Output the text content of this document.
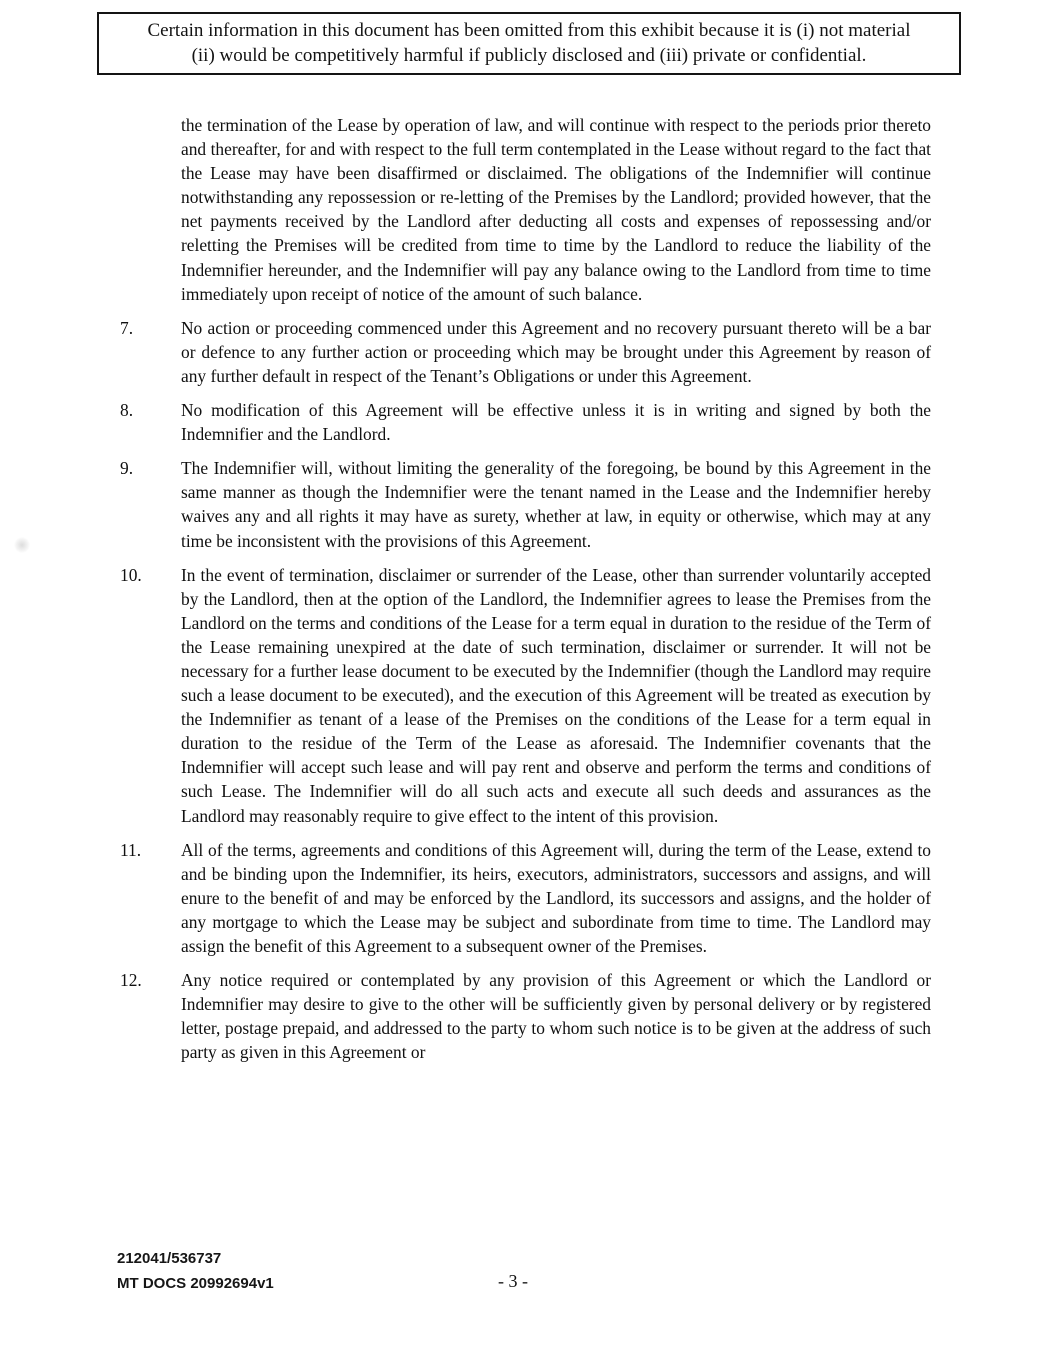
Certain information in this document has been omitted from this exhibit because it is (i) not material
(ii) would be competitively harmful if publicly disclosed and (iii) private or confidential.

the termination of the Lease by operation of law, and will continue with respect to the periods prior thereto and thereafter, for and with respect to the full term contemplated in the Lease without regard to the fact that the Lease may have been disaffirmed or disclaimed. The obligations of the Indemnifier will continue notwithstanding any repossession or re-letting of the Premises by the Landlord; provided however, that the net payments received by the Landlord after deducting all costs and expenses of repossessing and/or reletting the Premises will be credited from time to time by the Landlord to reduce the liability of the Indemnifier hereunder, and the Indemnifier will pay any balance owing to the Landlord from time to time immediately upon receipt of notice of the amount of such balance.

7.	No action or proceeding commenced under this Agreement and no recovery pursuant thereto will be a bar or defence to any further action or proceeding which may be brought under this Agreement by reason of any further default in respect of the Tenant’s Obligations or under this Agreement.

8.	No modification of this Agreement will be effective unless it is in writing and signed by both the Indemnifier and the Landlord.

9.	The Indemnifier will, without limiting the generality of the foregoing, be bound by this Agreement in the same manner as though the Indemnifier were the tenant named in the Lease and the Indemnifier hereby waives any and all rights it may have as surety, whether at law, in equity or otherwise, which may at any time be inconsistent with the provisions of this Agreement.

10.	In the event of termination, disclaimer or surrender of the Lease, other than surrender voluntarily accepted by the Landlord, then at the option of the Landlord, the Indemnifier agrees to lease the Premises from the Landlord on the terms and conditions of the Lease for a term equal in duration to the residue of the Term of the Lease remaining unexpired at the date of such termination, disclaimer or surrender. It will not be necessary for a further lease document to be executed by the Indemnifier (though the Landlord may require such a lease document to be executed), and the execution of this Agreement will be treated as execution by the Indemnifier as tenant of a lease of the Premises on the conditions of the Lease for a term equal in duration to the residue of the Term of the Lease as aforesaid. The Indemnifier covenants that the Indemnifier will accept such lease and will pay rent and observe and perform the terms and conditions of such Lease. The Indemnifier will do all such acts and execute all such deeds and assurances as the Landlord may reasonably require to give effect to the intent of this provision.

11.	All of the terms, agreements and conditions of this Agreement will, during the term of the Lease, extend to and be binding upon the Indemnifier, its heirs, executors, administrators, successors and assigns, and will enure to the benefit of and may be enforced by the Landlord, its successors and assigns, and the holder of any mortgage to which the Lease may be subject and subordinate from time to time. The Landlord may assign the benefit of this Agreement to a subsequent owner of the Premises.

12.	Any notice required or contemplated by any provision of this Agreement or which the Landlord or Indemnifier may desire to give to the other will be sufficiently given by personal delivery or by registered letter, postage prepaid, and addressed to the party to whom such notice is to be given at the address of such party as given in this Agreement or

212041/536737
MT DOCS 20992694v1	- 3 -
